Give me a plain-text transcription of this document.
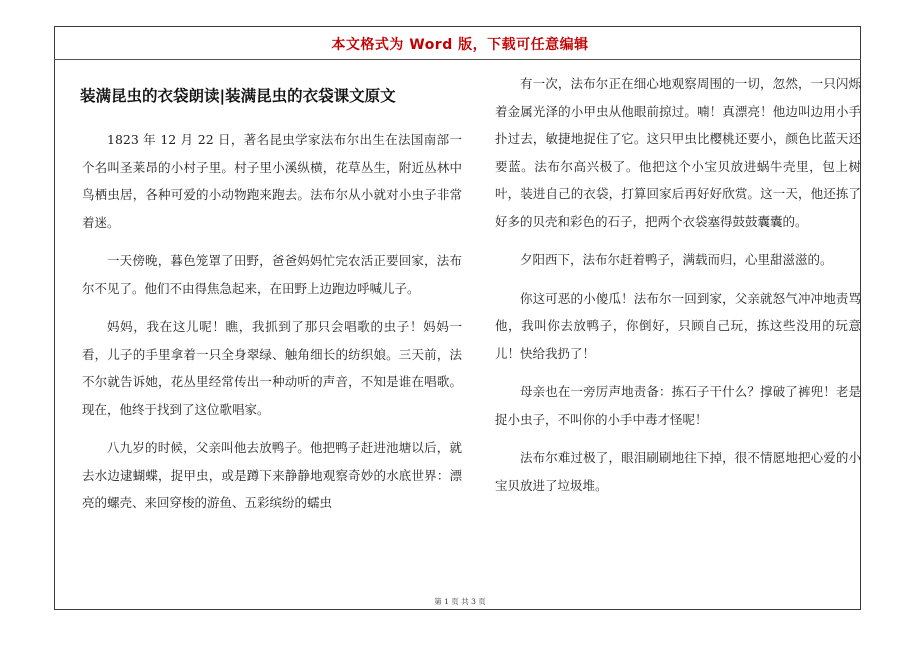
本文格式为 Word 版，下载可任意编辑
装满昆虫的衣袋朗读|装满昆虫的衣袋课文原文

1823 年 12 月 22 日，著名昆虫学家法布尔出生在法国南部一个名叫圣莱昂的小村子里。村子里小溪纵横，花草丛生，附近丛林中鸟栖虫居，各种可爱的小动物跑来跑去。法布尔从小就对小虫子非常着迷。

一天傍晚，暮色笼罩了田野，爸爸妈妈忙完农活正要回家，法布尔不见了。他们不由得焦急起来，在田野上边跑边呼喊儿子。

妈妈，我在这儿呢！瞧，我抓到了那只会唱歌的虫子！妈妈一看，儿子的手里拿着一只全身翠绿、触角细长的纺织娘。三天前，法不尔就告诉她，花丛里经常传出一种动听的声音，不知是谁在唱歌。现在，他终于找到了这位歌唱家。

八九岁的时候，父亲叫他去放鸭子。他把鸭子赶进池塘以后，就去水边逮蝴蝶，捉甲虫，或是蹲下来静静地观察奇妙的水底世界：漂亮的螺壳、来回穿梭的游鱼、五彩缤纷的蠕虫

有一次，法布尔正在细心地观察周围的一切，忽然，一只闪烁着金属光泽的小甲虫从他眼前掠过。喃！真漂亮！他边叫边用小手扑过去，敏捷地捉住了它。这只甲虫比樱桃还要小，颜色比蓝天还要蓝。法布尔高兴极了。他把这个小宝贝放进蜗牛壳里，包上树叶，装进自己的衣袋，打算回家后再好好欣赏。这一天，他还拣了好多的贝壳和彩色的石子，把两个衣袋塞得鼓鼓囊囊的。

夕阳西下，法布尔赶着鸭子，满载而归，心里甜滋滋的。

你这可恶的小傻瓜！法布尔一回到家，父亲就怒气冲冲地责骂他，我叫你去放鸭子，你倒好，只顾自己玩，拣这些没用的玩意儿！快给我扔了！

母亲也在一旁厉声地责备：拣石子干什么？撑破了裤兜！老是捉小虫子，不叫你的小手中毒才怪呢！

法布尔难过极了，眼泪刷刷地往下掉，很不情愿地把心爱的小宝贝放进了垃圾堆。

第 1 页 共 3 页
